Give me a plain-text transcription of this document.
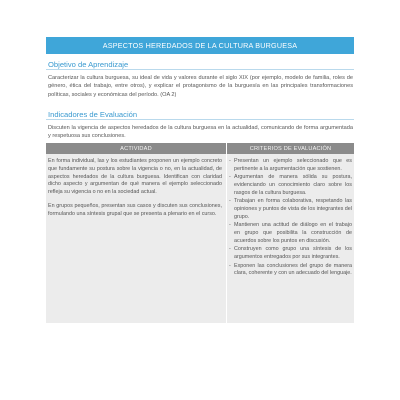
ASPECTOS HEREDADOS DE LA CULTURA BURGUESA
Objetivo de Aprendizaje
Caracterizar la cultura burguesa, su ideal de vida y valores durante el siglo XIX (por ejemplo, modelo de familia, roles de género, ética del trabajo, entre otros), y explicar el protagonismo de la burguesía en las principales transformaciones políticas, sociales y económicas del período. (OA 2)
Indicadores de Evaluación
Discuten la vigencia de aspectos heredados de la cultura burguesa en la actualidad, comunicando de forma argumentada y respetuosa sus conclusiones.
ACTIVIDAD	CRITERIOS DE EVALUACIÓN

En forma individual, las y los estudiantes proponen un ejemplo concreto que fundamente su postura sobre la vigencia o no, en la actualidad, de aspectos heredados de la cultura burguesa. Identifican con claridad dicho aspecto y argumentan de qué manera el ejemplo seleccionado refleja su vigencia o no en la sociedad actual.

En grupos pequeños, presentan sus casos y discuten sus conclusiones, formulando una síntesis grupal que se presenta a plenario en el curso.

- Presentan un ejemplo seleccionado que es pertinente a la argumentación que sostienen.
- Argumentan de manera sólida su postura, evidenciando un conocimiento claro sobre los rasgos de la cultura burguesa.
- Trabajan en forma colaborativa, respetando las opiniones y puntos de vista de los integrantes del grupo.
- Mantienen una actitud de diálogo en el trabajo en grupo que posibilita la construcción de acuerdos sobre los puntos en discusión.
- Construyen como grupo una síntesis de los argumentos entregados por sus integrantes.
- Exponen las conclusiones del grupo de manera clara, coherente y con un adecuado del lenguaje.
